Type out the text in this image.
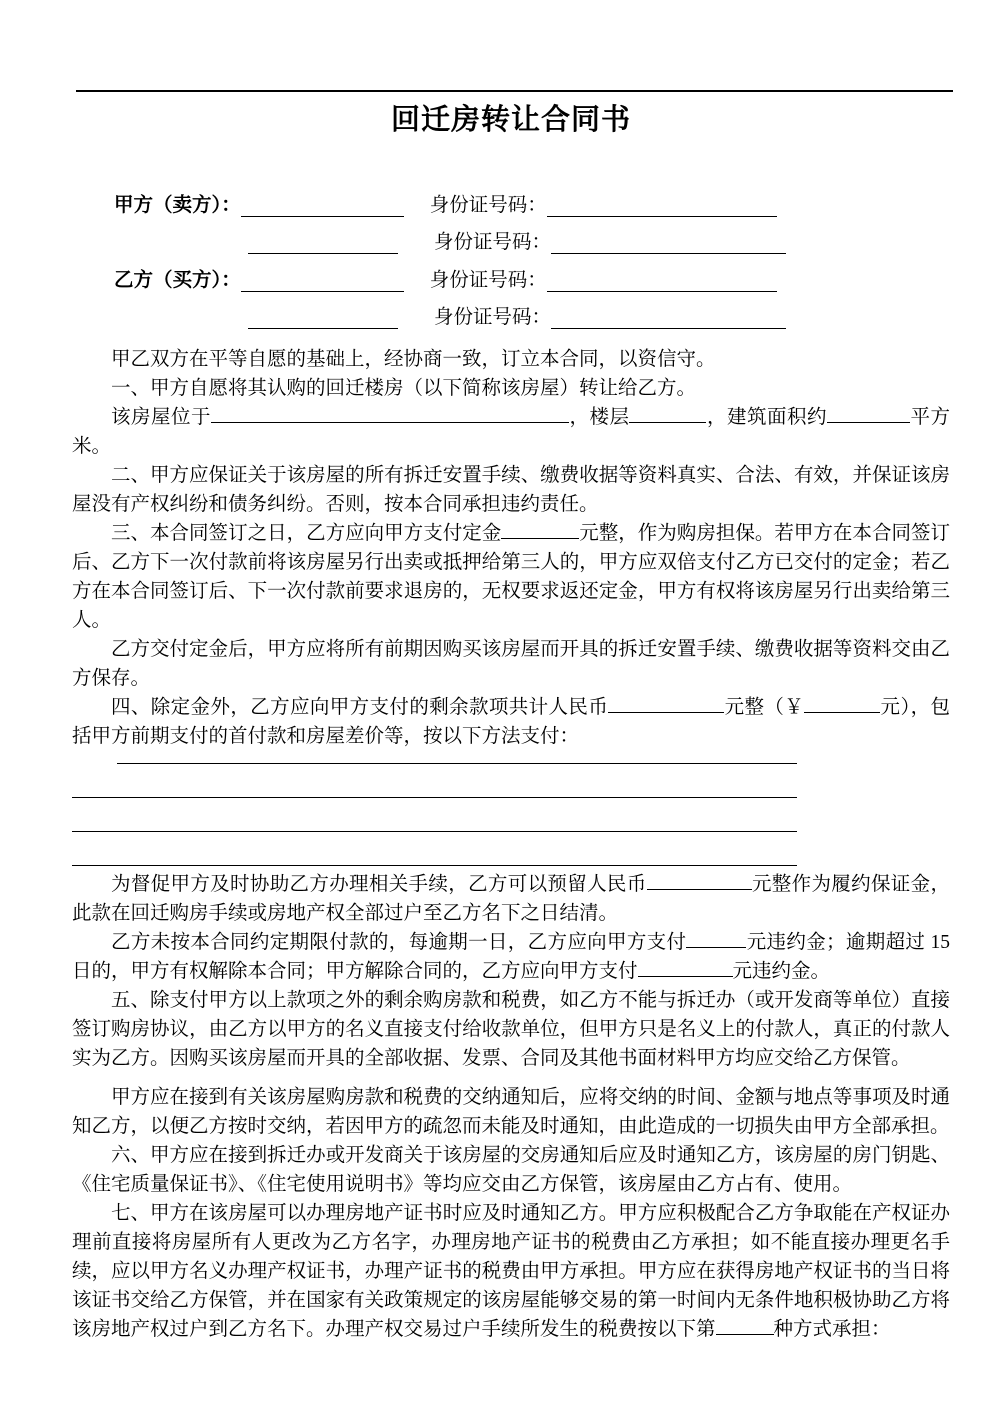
回迁房转让合同书
甲方（卖方）：	身份证号码：
身份证号码：
乙方（买方）：	身份证号码：
身份证号码：

甲乙双方在平等自愿的基础上，经协商一致，订立本合同，以资信守。

一、甲方自愿将其认购的回迁楼房（以下简称该房屋）转让给乙方。

该房屋位于	，楼层	，建筑面积约	平方米。

二、甲方应保证关于该房屋的所有拆迁安置手续、缴费收据等资料真实、合法、有效，并保证该房屋没有产权纠纷和债务纠纷。否则，按本合同承担违约责任。

三、本合同签订之日，乙方应向甲方支付定金	元整，作为购房担保。若甲方在本合同签订后、乙方下一次付款前将该房屋另行出卖或抵押给第三人的，甲方应双倍支付乙方已交付的定金；若乙方在本合同签订后、下一次付款前要求退房的，无权要求返还定金，甲方有权将该房屋另行出卖给第三人。

乙方交付定金后，甲方应将所有前期因购买该房屋而开具的拆迁安置手续、缴费收据等资料交由乙方保存。

四、除定金外，乙方应向甲方支付的剩余款项共计人民币	元整（￥	元），包括甲方前期支付的首付款和房屋差价等，按以下方法支付：

为督促甲方及时协助乙方办理相关手续，乙方可以预留人民币	元整作为履约保证金，此款在回迁购房手续或房地产权全部过户至乙方名下之日结清。

乙方未按本合同约定期限付款的，每逾期一日，乙方应向甲方支付	元违约金；逾期超过 15 日的，甲方有权解除本合同；甲方解除合同的，乙方应向甲方支付	元违约金。

五、除支付甲方以上款项之外的剩余购房款和税费，如乙方不能与拆迁办（或开发商等单位）直接签订购房协议，由乙方以甲方的名义直接支付给收款单位，但甲方只是名义上的付款人，真正的付款人实为乙方。因购买该房屋而开具的全部收据、发票、合同及其他书面材料甲方均应交给乙方保管。

甲方应在接到有关该房屋购房款和税费的交纳通知后，应将交纳的时间、金额与地点等事项及时通知乙方，以便乙方按时交纳，若因甲方的疏忽而未能及时通知，由此造成的一切损失由甲方全部承担。

六、甲方应在接到拆迁办或开发商关于该房屋的交房通知后应及时通知乙方，该房屋的房门钥匙、《住宅质量保证书》、《住宅使用说明书》等均应交由乙方保管，该房屋由乙方占有、使用。

七、甲方在该房屋可以办理房地产证书时应及时通知乙方。甲方应积极配合乙方争取能在产权证办理前直接将房屋所有人更改为乙方名字，办理房地产证书的税费由乙方承担；如不能直接办理更名手续，应以甲方名义办理产权证书，办理产证书的税费由甲方承担。甲方应在获得房地产权证书的当日将该证书交给乙方保管，并在国家有关政策规定的该房屋能够交易的第一时间内无条件地积极协助乙方将该房地产权过户到乙方名下。办理产权交易过户手续所发生的税费按以下第	种方式承担：
